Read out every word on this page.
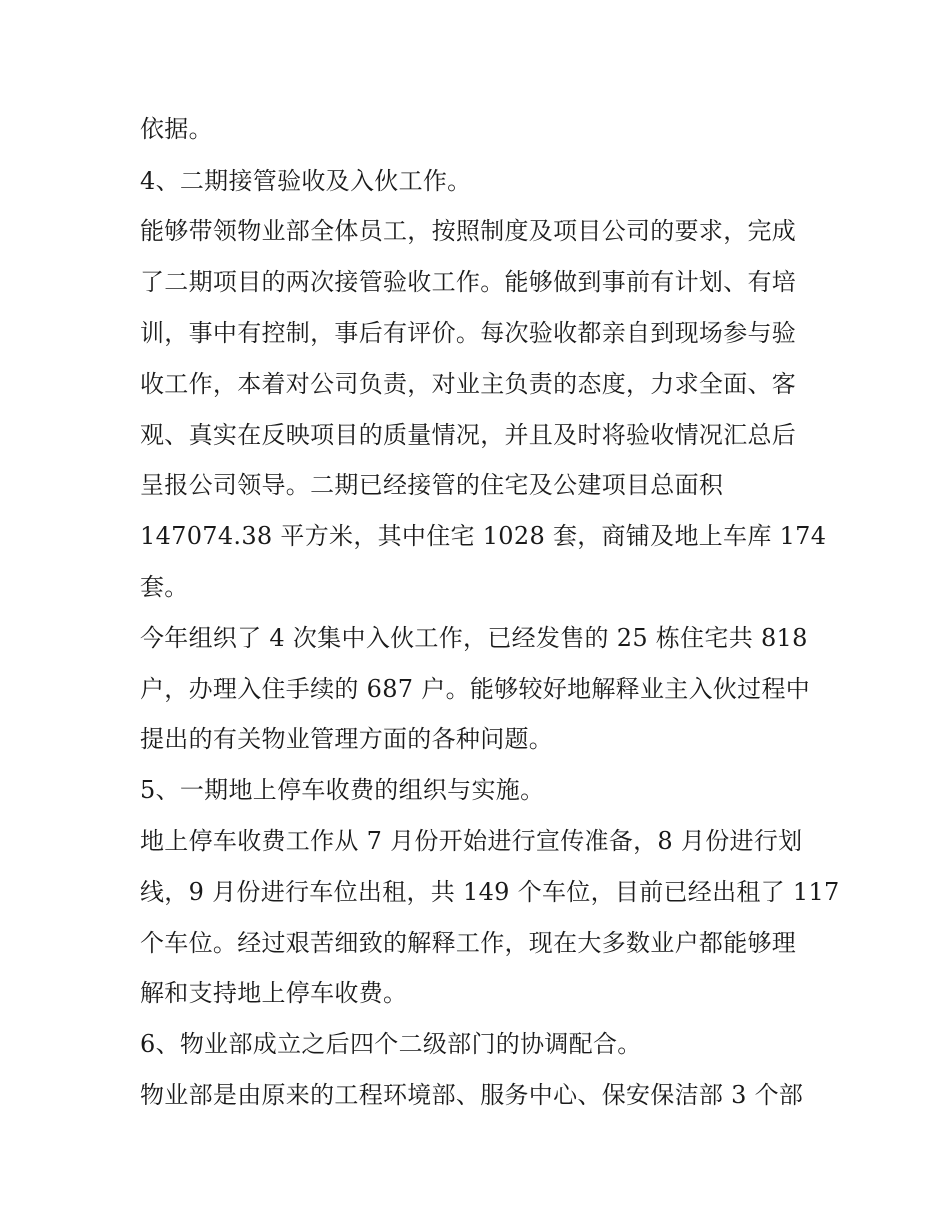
依据。
4、二期接管验收及入伙工作。
能够带领物业部全体员工，按照制度及项目公司的要求，完成
了二期项目的两次接管验收工作。能够做到事前有计划、有培
训，事中有控制，事后有评价。每次验收都亲自到现场参与验
收工作，本着对公司负责，对业主负责的态度，力求全面、客
观、真实在反映项目的质量情况，并且及时将验收情况汇总后
呈报公司领导。二期已经接管的住宅及公建项目总面积
147074.38 平方米，其中住宅 1028 套，商铺及地上车库 174
套。
今年组织了 4 次集中入伙工作，已经发售的 25 栋住宅共 818
户，办理入住手续的 687 户。能够较好地解释业主入伙过程中
提出的有关物业管理方面的各种问题。
5、一期地上停车收费的组织与实施。
地上停车收费工作从 7 月份开始进行宣传准备，8 月份进行划
线，9 月份进行车位出租，共 149 个车位，目前已经出租了 117
个车位。经过艰苦细致的解释工作，现在大多数业户都能够理
解和支持地上停车收费。
6、物业部成立之后四个二级部门的协调配合。
物业部是由原来的工程环境部、服务中心、保安保洁部 3 个部
